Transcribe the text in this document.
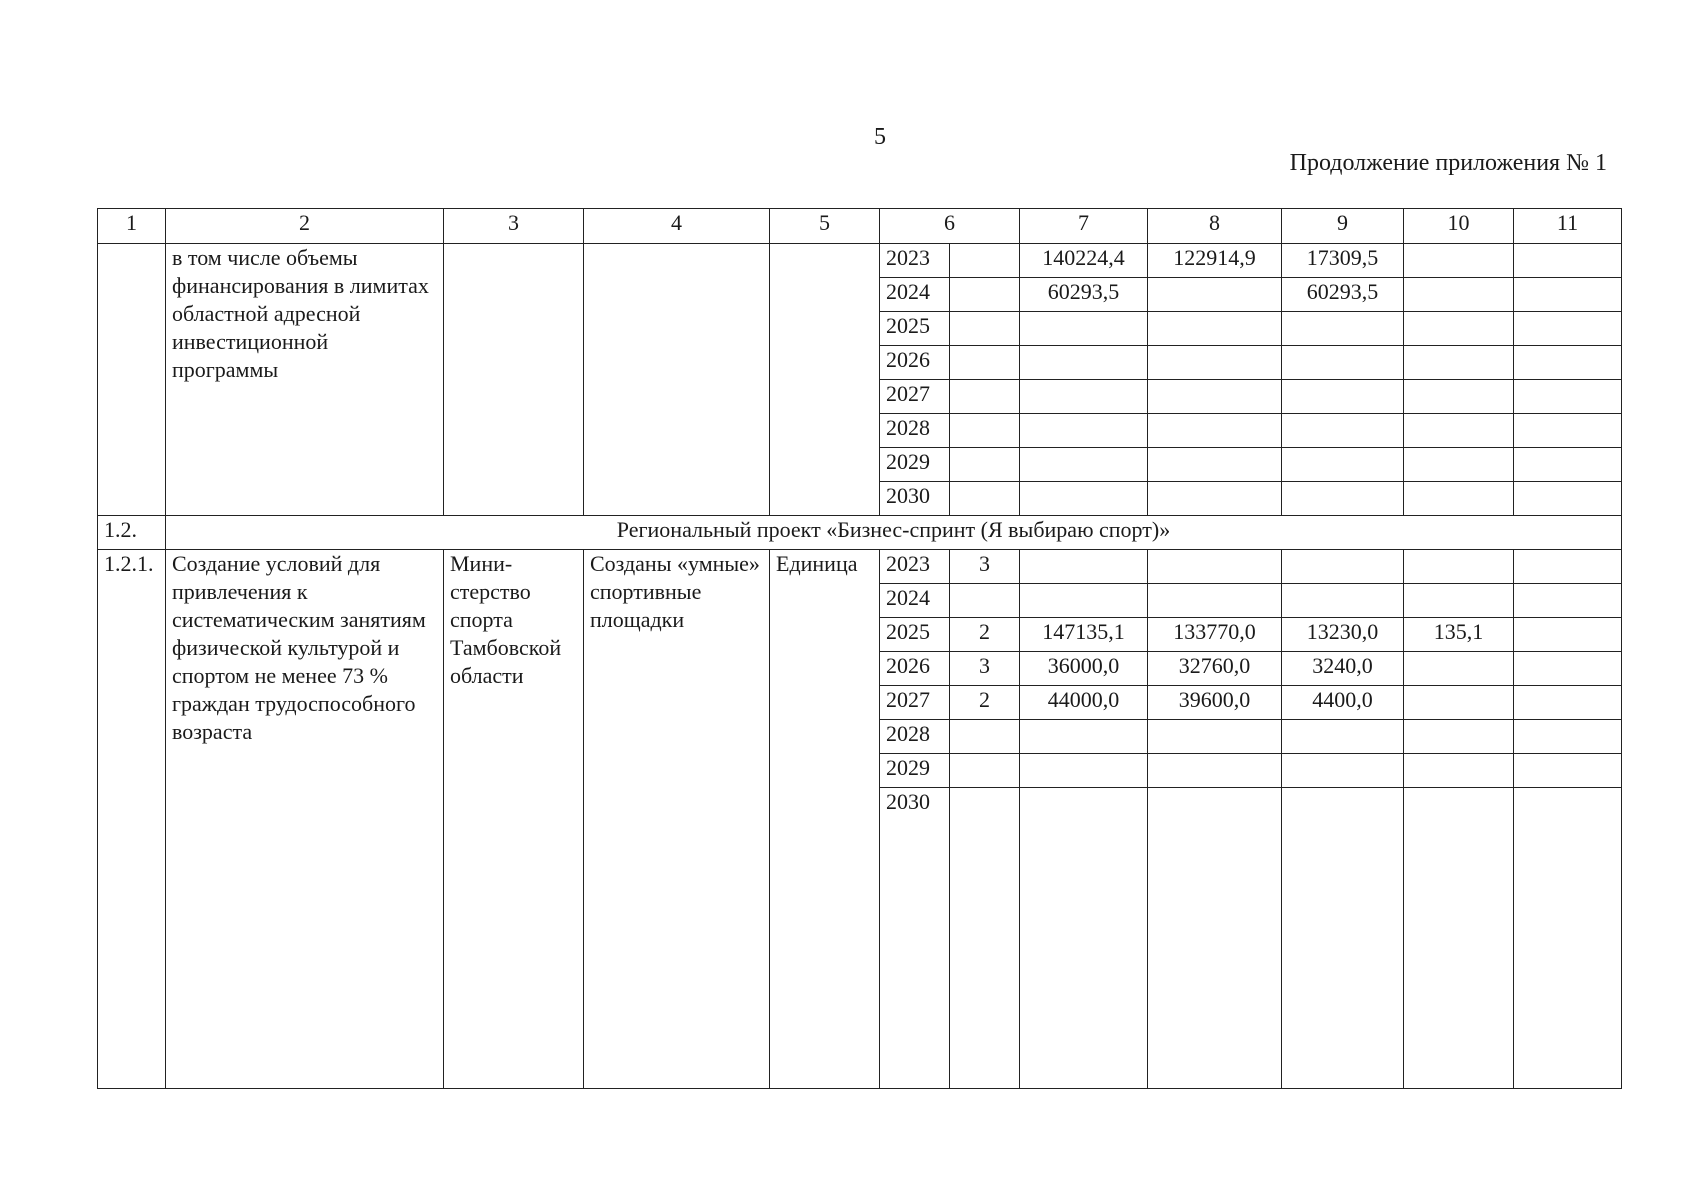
5
Продолжение приложения № 1
1	2	3	4	5	6		7	8	9	10	11
	в том числе объемы финансирования в лимитах областной адресной инвестиционной программы				2023		140224,4	122914,9	17309,5		
					2024		60293,5		60293,5		
					2025						
					2026						
					2027						
					2028						
					2029						
					2030						
1.2.	Региональный проект «Бизнес-спринт (Я выбираю спорт)»										
1.2.1.	Создание условий для привлечения к систематическим занятиям физической культурой и спортом не менее 73 % граждан трудоспособного возраста	Мини-стерство спорта Тамбовской области	Созданы «умные» спортивные площадки	Единица	2023	3					
					2024						
					2025	2	147135,1	133770,0	13230,0	135,1	
					2026	3	36000,0	32760,0	3240,0		
					2027	2	44000,0	39600,0	4400,0		
					2028						
					2029						
					2030						
